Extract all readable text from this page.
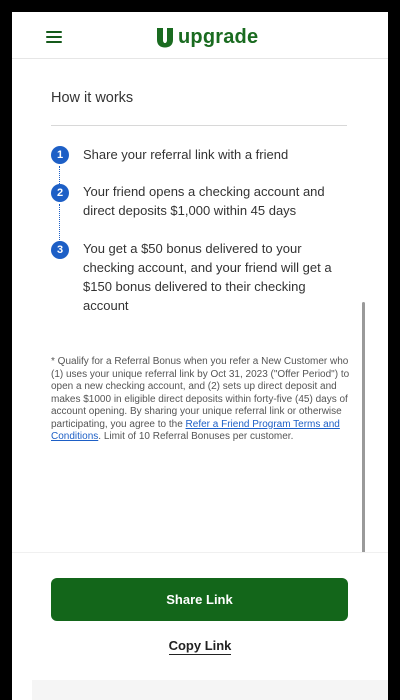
upgrade
How it works
1	Share your referral link with a friend
2	Your friend opens a checking account and direct deposits $1,000 within 45 days
3	You get a $50 bonus delivered to your checking account, and your friend will get a $150 bonus delivered to their checking account
* Qualify for a Referral Bonus when you refer a New Customer who (1) uses your unique referral link by Oct 31, 2023 ("Offer Period") to open a new checking account, and (2) sets up direct deposit and makes $1000 in eligible direct deposits within forty-five (45) days of account opening. By sharing your unique referral link or otherwise participating, you agree to the Refer a Friend Program Terms and Conditions. Limit of 10 Referral Bonuses per customer.
Share Link
Copy Link
